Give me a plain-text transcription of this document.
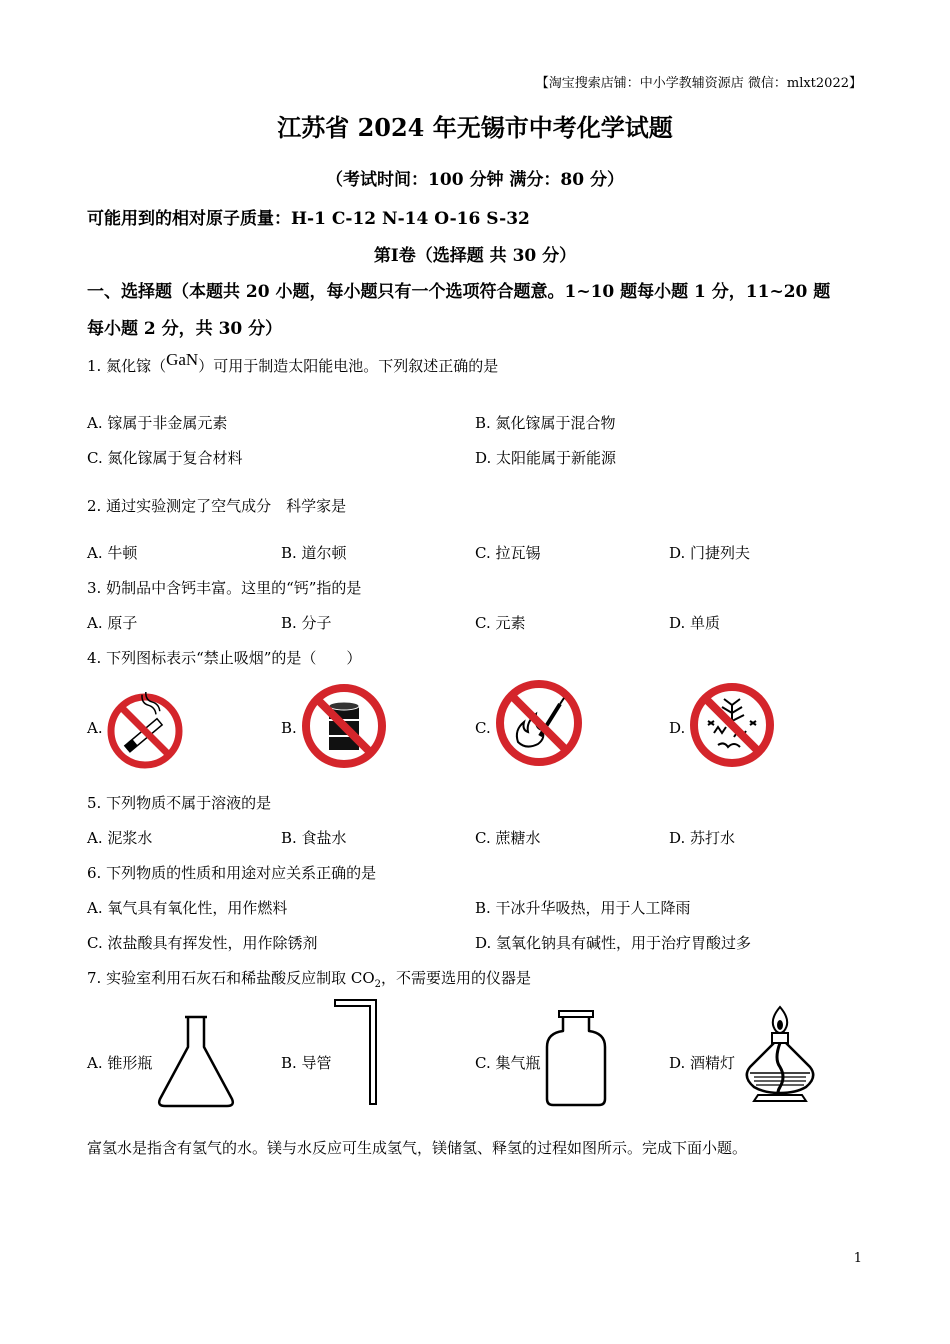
【淘宝搜索店铺：中小学教辅资源店 微信：mlxt2022】
江苏省 2024 年无锡市中考化学试题
（考试时间：100 分钟 满分：80 分）
可能用到的相对原子质量：H-1 C-12 N-14 O-16 S-32
第Ⅰ卷（选择题 共 30 分）
一、选择题（本题共 20 小题，每小题只有一个选项符合题意。1~10 题每小题 1 分，11~20 题
每小题 2 分，共 30 分）
1. 氮化镓（GaN）可用于制造太阳能电池。下列叙述正确的是
A. 镓属于非金属元素	B. 氮化镓属于混合物
C. 氮化镓属于复合材料	D. 太阳能属于新能源
2. 通过实验测定了空气成分　科学家是
A. 牛顿	B. 道尔顿	C. 拉瓦锡	D. 门捷列夫
3. 奶制品中含钙丰富。这里的“钙”指的是
A. 原子	B. 分子	C. 元素	D. 单质
4. 下列图标表示“禁止吸烟”的是（　　）
A.	B.	C.	D.
5. 下列物质不属于溶液的是
A. 泥浆水	B. 食盐水	C. 蔗糖水	D. 苏打水
6. 下列物质的性质和用途对应关系正确的是
A. 氧气具有氧化性，用作燃料	B. 干冰升华吸热，用于人工降雨
C. 浓盐酸具有挥发性，用作除锈剂	D. 氢氧化钠具有碱性，用于治疗胃酸过多
7. 实验室利用石灰石和稀盐酸反应制取 $CO_2$，不需要选用的仪器是
A. 锥形瓶	B. 导管	C. 集气瓶	D. 酒精灯
富氢水是指含有氢气的水。镁与水反应可生成氢气，镁储氢、释氢的过程如图所示。完成下面小题。
1
